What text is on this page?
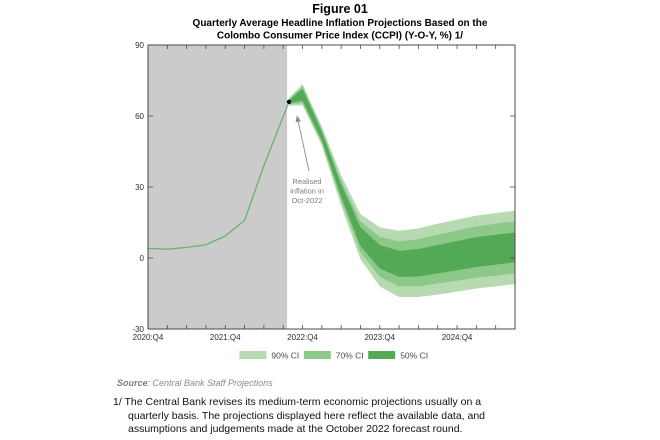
Figure 01
Quarterly Average Headline Inflation Projections Based on the
Colombo Consumer Price Index (CCPI) (Y-O-Y, %) 1/
2020:Q4	2021:Q4	2022:Q4	2023:Q4	2024:Q4
-30
0
30
60
90
Realised
inflation in
Oct-2022
90% CI	70% CI	50% CI
Source: Central Bank Staff Projections
1/ The Central Bank revises its medium-term economic projections usually on a
quarterly basis. The projections displayed here reflect the available data, and
assumptions and judgements made at the October 2022 forecast round.
